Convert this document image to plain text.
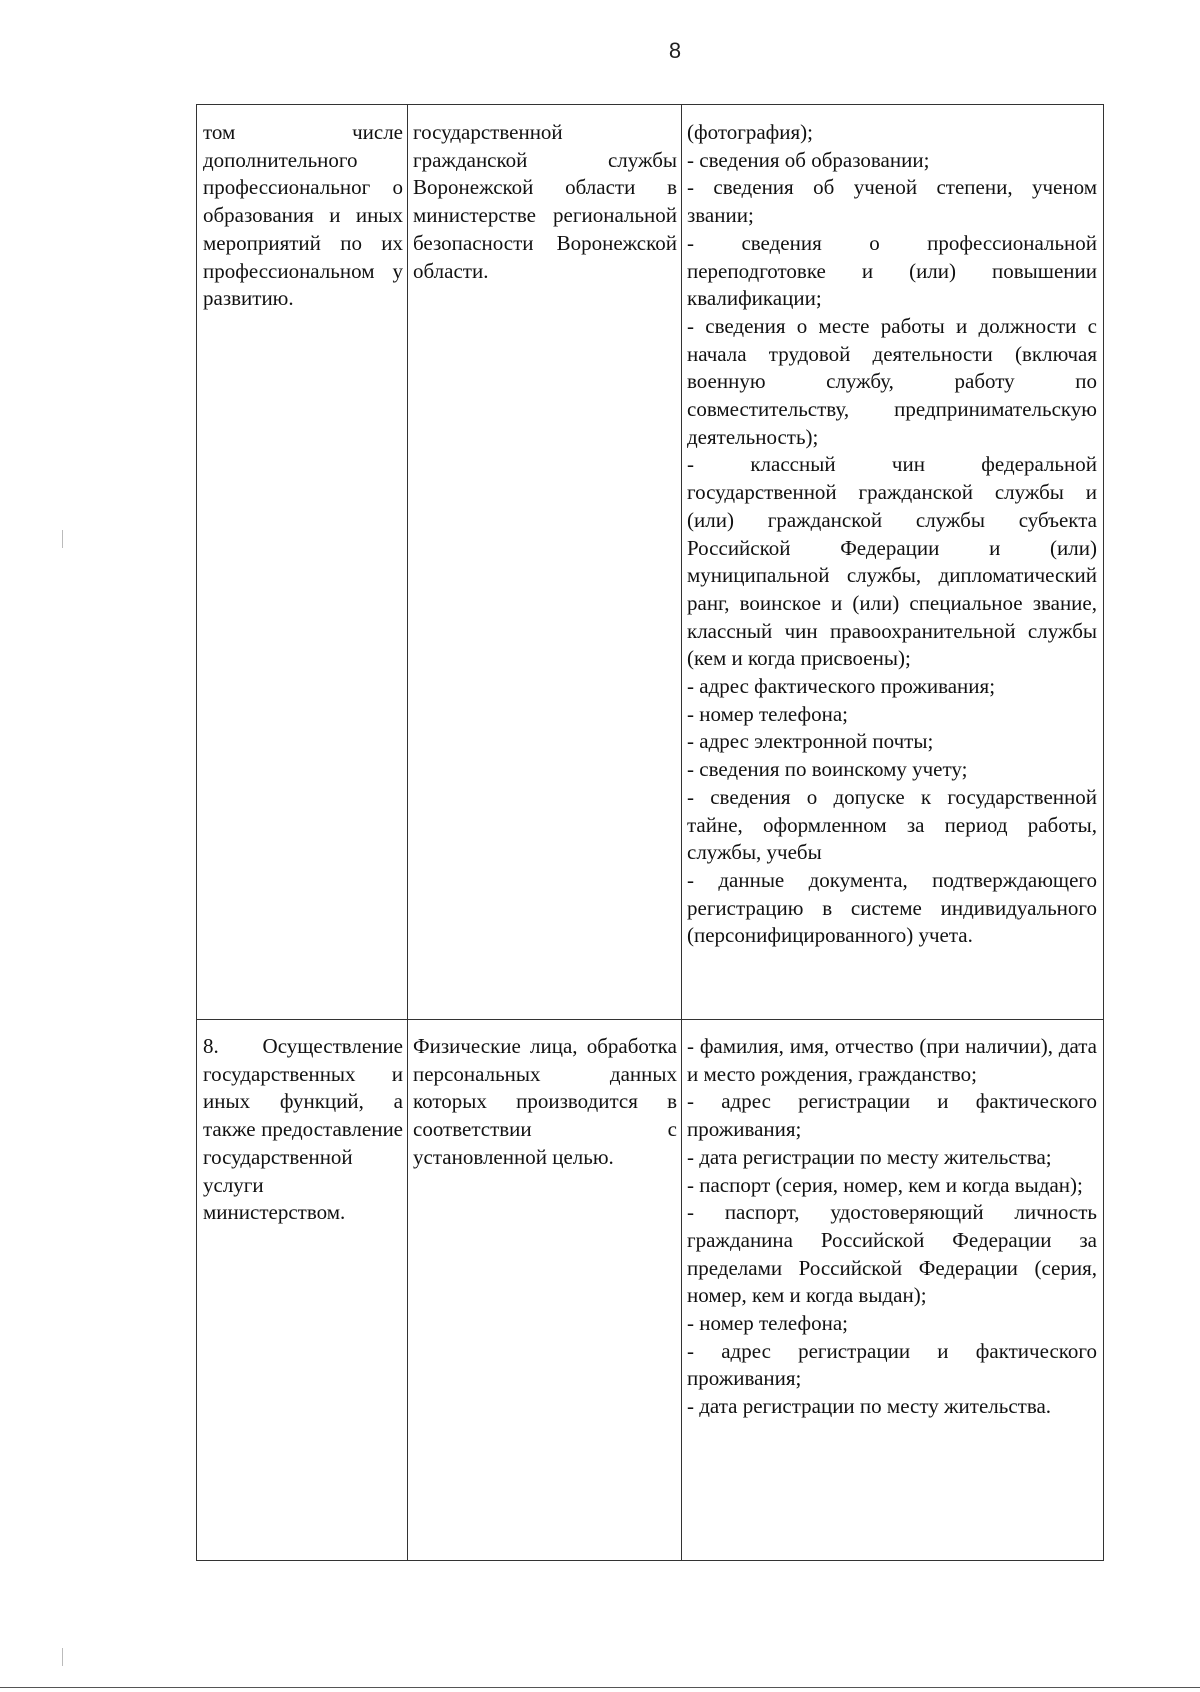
8

том числе дополнительного профессиональног о образования и иных мероприятий по их профессиональном у развитию.

государственной гражданской службы Воронежской области в министерстве региональной безопасности Воронежской области.

(фотография);

- сведения об образовании;

- сведения об ученой степени, ученом звании;

- сведения о профессиональной переподготовке и (или) повышении квалификации;

- сведения о месте работы и должности с начала трудовой деятельности (включая военную службу, работу по совместительству, предпринимательскую деятельность);

- классный чин федеральной государственной гражданской службы и (или) гражданской службы субъекта Российской Федерации и (или) муниципальной службы, дипломатический ранг, воинское и (или) специальное звание, классный чин правоохранительной службы (кем и когда присвоены);

- адрес фактического проживания;

- номер телефона;

- адрес электронной почты;

- сведения по воинскому учету;

- сведения о допуске к государственной тайне, оформленном за период работы, службы, учебы

- данные документа, подтверждающего регистрацию в системе индивидуального (персонифицированного) учета.

8. Осуществление государственных и иных функций, а также предоставление государственной услуги министерством.

Физические лица, обработка персональных данных которых производится в соответствии с установленной целью.

- фамилия, имя, отчество (при наличии), дата и место рождения, гражданство;

- адрес регистрации и фактического проживания;

- дата регистрации по месту жительства;

- паспорт (серия, номер, кем и когда выдан);

- паспорт, удостоверяющий личность гражданина Российской Федерации за пределами Российской Федерации (серия, номер, кем и когда выдан);

- номер телефона;

- адрес регистрации и фактического проживания;

- дата регистрации по месту жительства.
